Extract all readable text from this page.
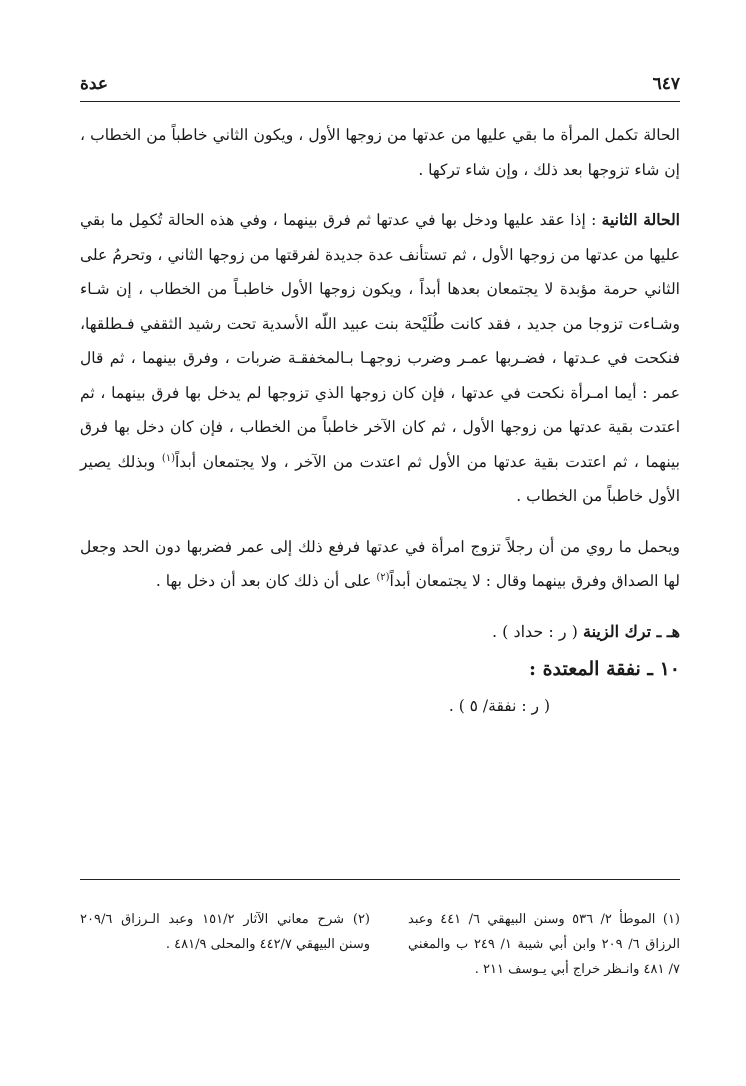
٦٤٧
عدة

الحالة تكمل المرأة ما بقي عليها من عدتها من زوجها الأول ، ويكون الثاني خاطباً من الخطاب ، إن شاء تزوجها بعد ذلك ، وإن شاء تركها .

الحالة الثانية : إذا عقد عليها ودخل بها في عدتها ثم فرق بينهما ، وفي هذه الحالة تُكمِل ما بقي عليها من عدتها من زوجها الأول ، ثم تستأنف عدة جديدة لفرقتها من زوجها الثاني ، وتحرمُ على الثاني حرمة مؤبدة لا يجتمعان بعدها أبداً ، ويكون زوجها الأول خاطبـاً من الخطاب ، إن شـاء وشـاءت تزوجا من جديد ، فقد كانت طُلَيْحة بنت عبيد اللّه الأسدية تحت رشيد الثقفي فـطلقها، فنكحت في عـدتها ، فضـربها عمـر وضرب زوجهـا بـالمخفقـة ضربات ، وفرق بينهما ، ثم قال عمر : أيما امـرأة نكحت في عدتها ، فإن كان زوجها الذي تزوجها لم يدخل بها فرق بينهما ، ثم اعتدت بقية عدتها من زوجها الأول ، ثم كان الآخر خاطباً من الخطاب ، فإن كان دخل بها فرق بينهما ، ثم اعتدت بقية عدتها من الأول ثم اعتدت من الآخر ، ولا يجتمعان أبداً$^{(١)}$ وبذلك يصير الأول خاطباً من الخطاب .

ويحمل ما روي من أن رجلاً تزوج امرأة في عدتها فرفع ذلك إلى عمر فضربها دون الحد وجعل لها الصداق وفرق بينهما وقال : لا يجتمعان أبداً$^{(٢)}$ على أن ذلك كان بعد أن دخل بها .

هـ ـ ترك الزينة ( ر : حداد ) .

١٠ ـ نفقة المعتدة :

( ر : نفقة/ ٥ ) .

(١) الموطأ ٢/ ٥٣٦ وسنن البيهقي ٦/ ٤٤١ وعبد الرزاق ٦/ ٢٠٩ وابن أبي شيبة ١/ ٢٤٩ ب والمغني ٧/ ٤٨١ وانـظر خراج أبي يـوسف ٢١١ .

(٢) شرح معاني الآثار ١٥١/٢ وعبد الـرزاق ٢٠٩/٦ وسنن البيهقي ٤٤٢/٧ والمحلى ٤٨١/٩ .
